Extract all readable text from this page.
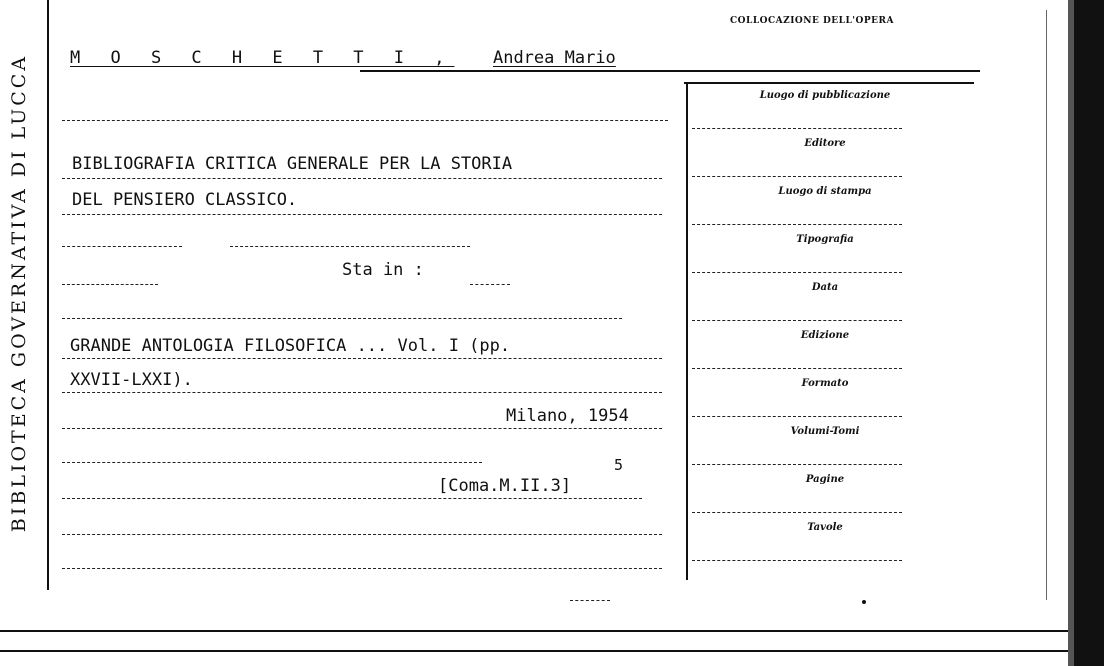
BIBLIOTECA GOVERNATIVA DI LUCCA	M O S C H E T T I , Andrea Mario
BIBLIOGRAFIA CRITICA GENERALE PER LA STORIA
DEL PENSIERO CLASSICO.
Sta in :
GRANDE ANTOLOGIA FILOSOFICA ... Vol. I (pp.
XXVII-LXXI).
Milano, 1954
[Coma.M.II.3]
5
COLLOCAZIONE DELL'OPERA
Luogo di pubblicazione
Editore
Luogo di stampa
Tipografia
Data
Edizione
Formato
Volumi-Tomi
Pagine
Tavole
